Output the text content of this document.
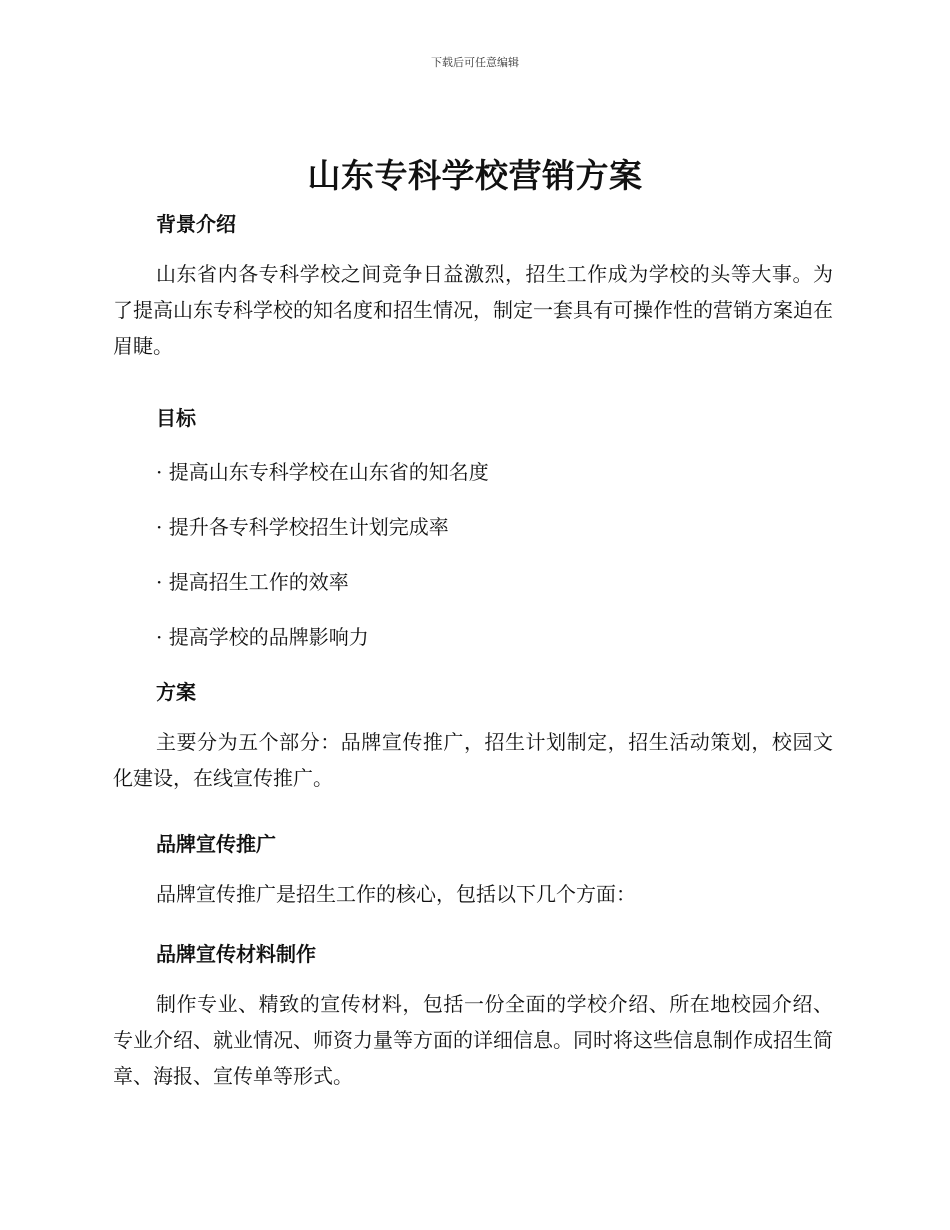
下载后可任意编辑
山东专科学校营销方案
背景介绍
山东省内各专科学校之间竞争日益激烈，招生工作成为学校的头等大事。为了提高山东专科学校的知名度和招生情况，制定一套具有可操作性的营销方案迫在眉睫。
目标
· 提高山东专科学校在山东省的知名度
· 提升各专科学校招生计划完成率
· 提高招生工作的效率
· 提高学校的品牌影响力
方案
主要分为五个部分：品牌宣传推广，招生计划制定，招生活动策划，校园文化建设，在线宣传推广。
品牌宣传推广
品牌宣传推广是招生工作的核心，包括以下几个方面：
品牌宣传材料制作
制作专业、精致的宣传材料，包括一份全面的学校介绍、所在地校园介绍、专业介绍、就业情况、师资力量等方面的详细信息。同时将这些信息制作成招生简章、海报、宣传单等形式。
